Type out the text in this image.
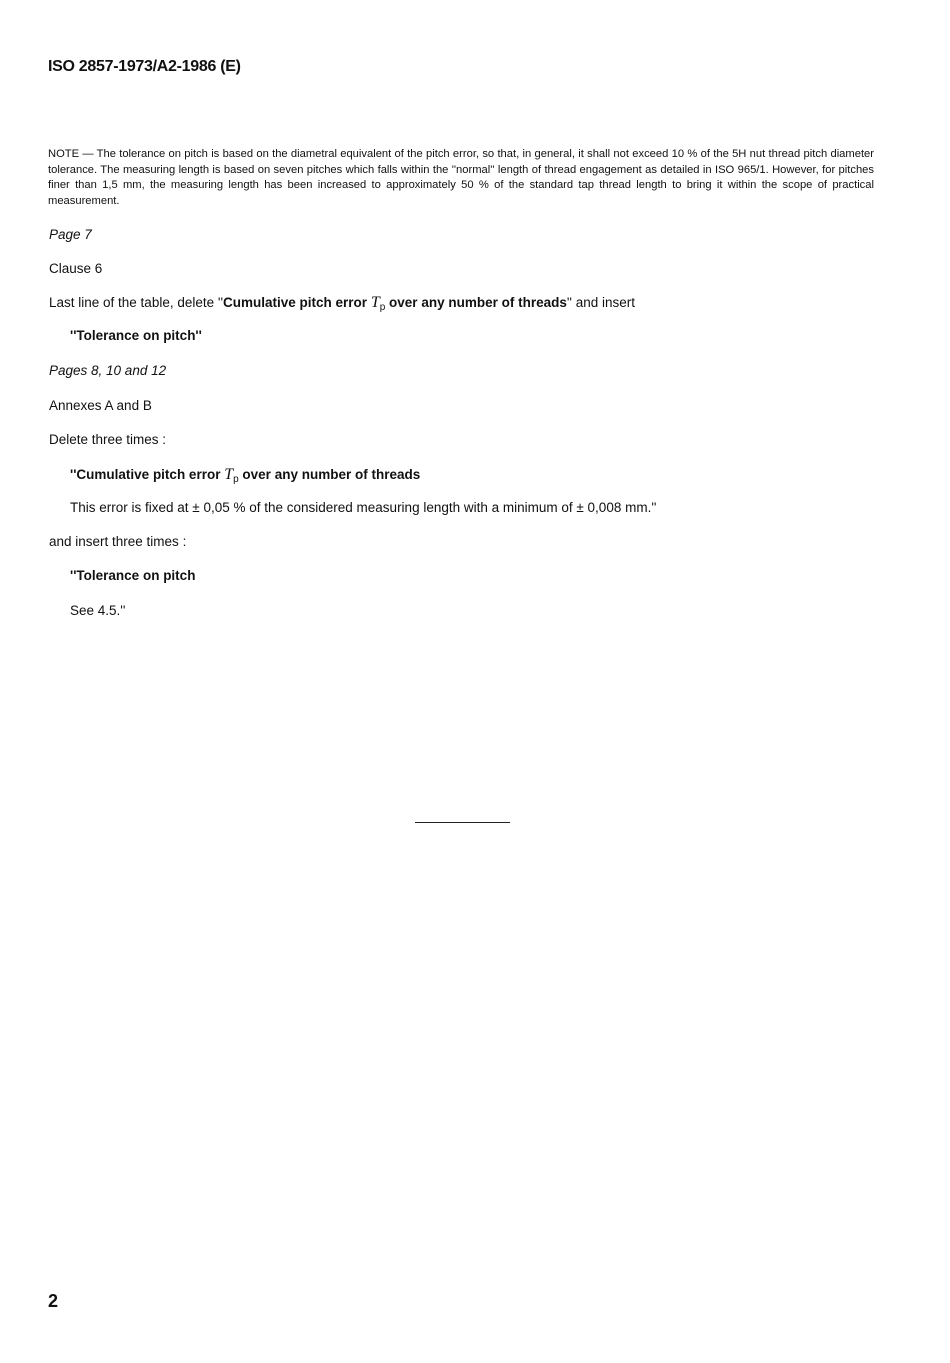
ISO 2857-1973/A2-1986 (E)
NOTE — The tolerance on pitch is based on the diametral equivalent of the pitch error, so that, in general, it shall not exceed 10 % of the 5H nut thread pitch diameter tolerance. The measuring length is based on seven pitches which falls within the ''normal'' length of thread engagement as detailed in ISO 965/1. However, for pitches finer than 1,5 mm, the measuring length has been increased to approximately 50 % of the standard tap thread length to bring it within the scope of practical measurement.
Page 7
Clause 6
Last line of the table, delete ''Cumulative pitch error $T_p$ over any number of threads'' and insert
''Tolerance on pitch''
Pages 8, 10 and 12
Annexes A and B
Delete three times :
''Cumulative pitch error $T_p$ over any number of threads
This error is fixed at ± 0,05 % of the considered measuring length with a minimum of ± 0,008 mm.''
and insert three times :
''Tolerance on pitch
See 4.5.''
2
